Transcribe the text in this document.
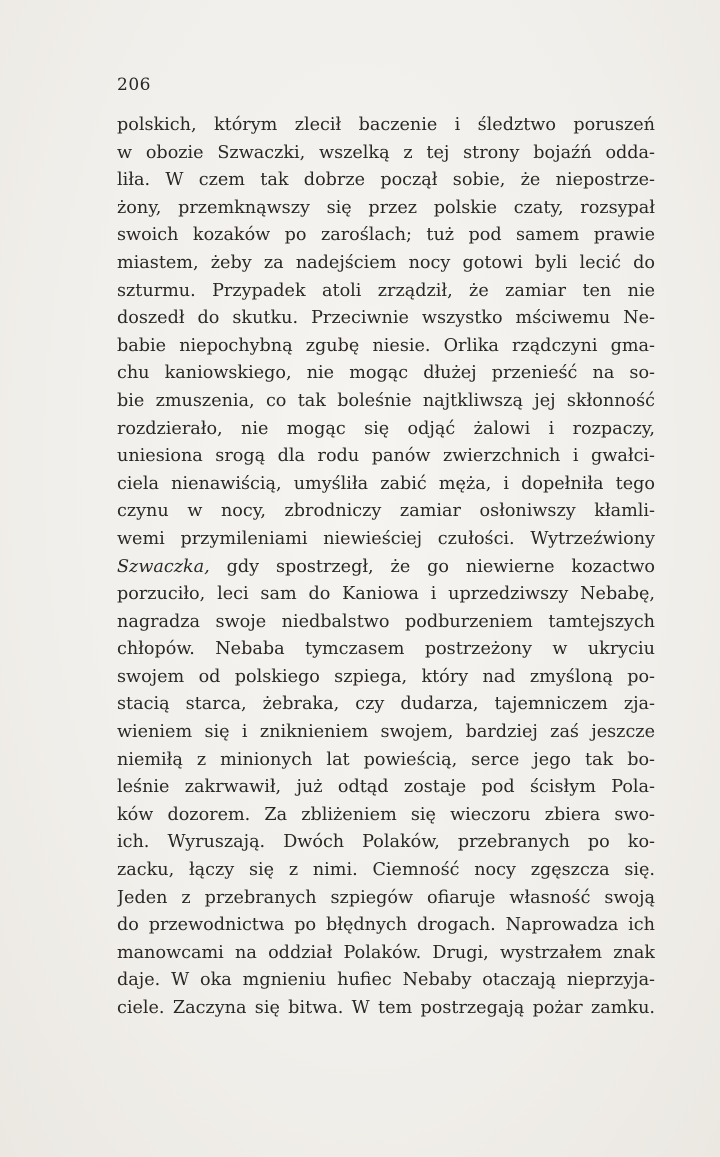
206
polskich, którym zlecił baczenie i śledztwo poruszeń
w obozie Szwaczki, wszelką z tej strony bojaźń odda-
liła. W czem tak dobrze począł sobie, że niepostrze-
żony, przemknąwszy się przez polskie czaty, rozsypał
swoich kozaków po zaroślach; tuż pod samem prawie
miastem, żeby za nadejściem nocy gotowi byli lecić do
szturmu. Przypadek atoli zrządził, że zamiar ten nie
doszedł do skutku. Przeciwnie wszystko mściwemu Ne-
babie niepochybną zgubę niesie. Orlika rządczyni gma-
chu kaniowskiego, nie mogąc dłużej przenieść na so-
bie zmuszenia, co tak boleśnie najtkliwszą jej skłonność
rozdzierało, nie mogąc się odjąć żalowi i rozpaczy,
uniesiona srogą dla rodu panów zwierzchnich i gwałci-
ciela nienawiścią, umyśliła zabić męża, i dopełniła tego
czynu w nocy, zbrodniczy zamiar osłoniwszy kłamli-
wemi przymileniami niewieściej czułości. Wytrzeźwiony
Szwaczka, gdy spostrzegł, że go niewierne kozactwo
porzuciło, leci sam do Kaniowa i uprzedziwszy Nebabę,
nagradza swoje niedbalstwo podburzeniem tamtejszych
chłopów. Nebaba tymczasem postrzeżony w ukryciu
swojem od polskiego szpiega, który nad zmyśloną po-
stacią starca, żebraka, czy dudarza, tajemniczem zja-
wieniem się i zniknieniem swojem, bardziej zaś jeszcze
niemiłą z minionych lat powieścią, serce jego tak bo-
leśnie zakrwawił, już odtąd zostaje pod ścisłym Pola-
ków dozorem. Za zbliżeniem się wieczoru zbiera swo-
ich. Wyruszają. Dwóch Polaków, przebranych po ko-
zacku, łączy się z nimi. Ciemność nocy zgęszcza się.
Jeden z przebranych szpiegów ofiaruje własność swoją
do przewodnictwa po błędnych drogach. Naprowadza ich
manowcami na oddział Polaków. Drugi, wystrzałem znak
daje. W oka mgnieniu hufiec Nebaby otaczają nieprzyja-
ciele. Zaczyna się bitwa. W tem postrzegają pożar zamku.
